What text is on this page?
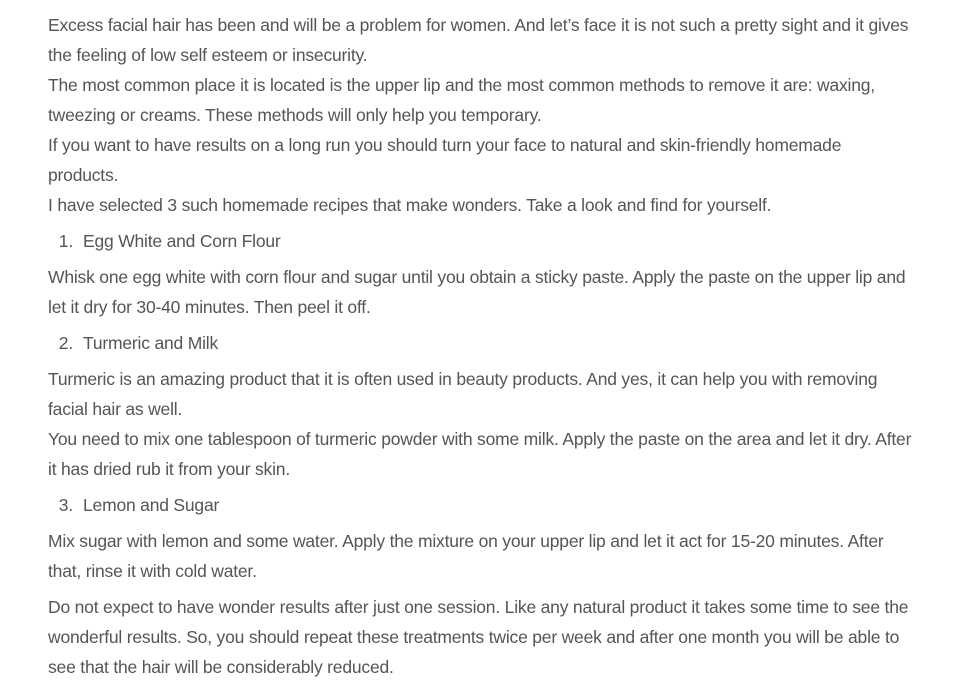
Excess facial hair has been and will be a problem for women. And let’s face it is not such a pretty sight and it gives the feeling of low self esteem or insecurity.

The most common place it is located is the upper lip and the most common methods to remove it are: waxing, tweezing or creams. These methods will only help you temporary.

If you want to have results on a long run you should turn your face to natural and skin-friendly homemade products.

I have selected 3 such homemade recipes that make wonders. Take a look and find for yourself.

1. Egg White and Corn Flour

Whisk one egg white with corn flour and sugar until you obtain a sticky paste. Apply the paste on the upper lip and let it dry for 30-40 minutes. Then peel it off.

2. Turmeric and Milk

Turmeric is an amazing product that it is often used in beauty products. And yes, it can help you with removing facial hair as well.

You need to mix one tablespoon of turmeric powder with some milk. Apply the paste on the area and let it dry. After it has dried rub it from your skin.

3. Lemon and Sugar

Mix sugar with lemon and some water. Apply the mixture on your upper lip and let it act for 15-20 minutes. After that, rinse it with cold water.

Do not expect to have wonder results after just one session. Like any natural product it takes some time to see the wonderful results. So, you should repeat these treatments twice per week and after one month you will be able to see that the hair will be considerably reduced.
